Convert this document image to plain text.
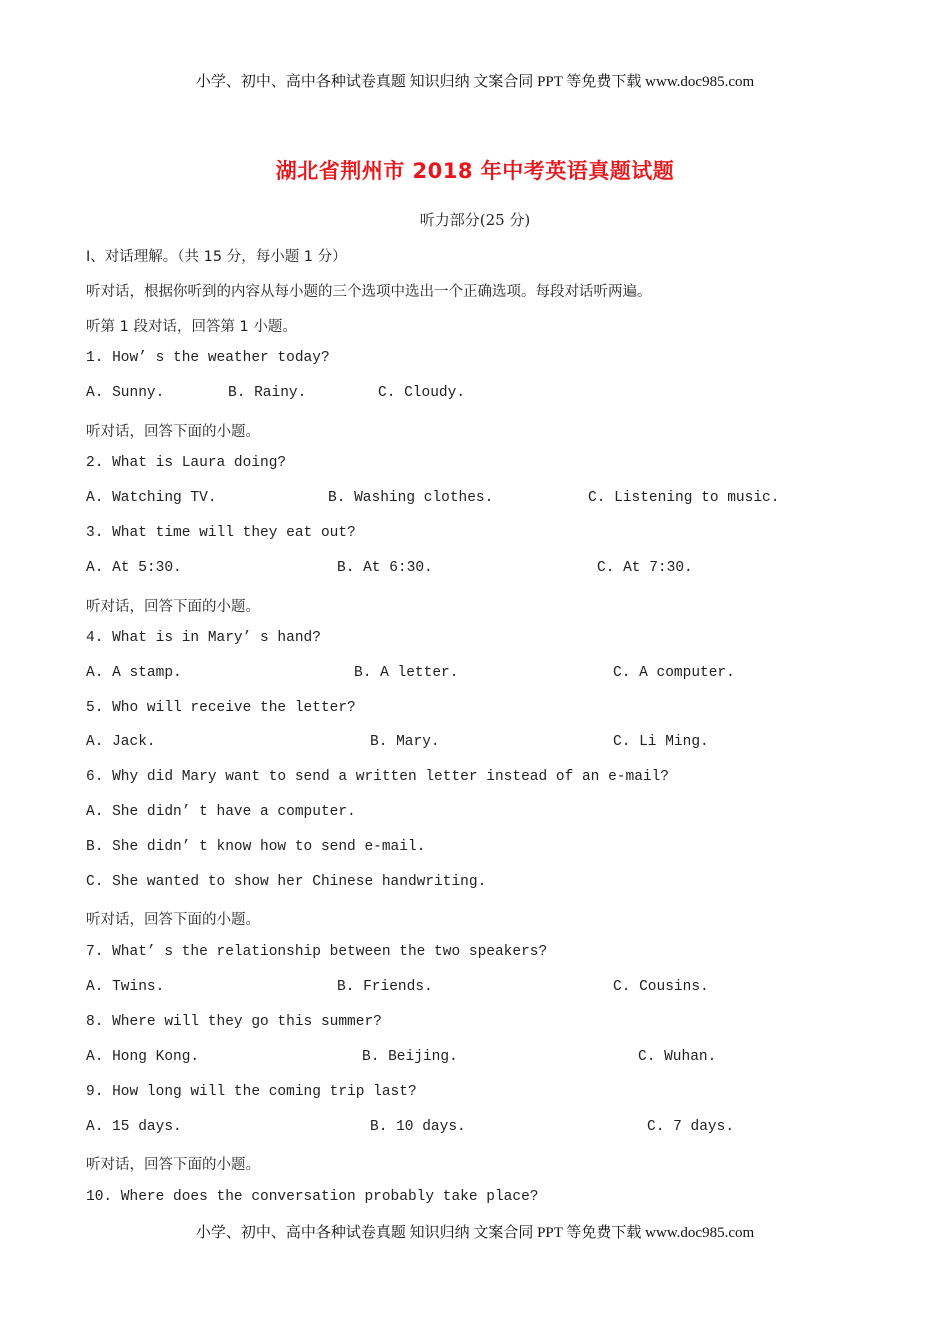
小学、初中、高中各种试卷真题 知识归纳 文案合同 PPT 等免费下载 www.doc985.com
湖北省荆州市 2018 年中考英语真题试题
听力部分(25 分)
I、对话理解。（共 15 分，每小题 1 分）
听对话，根据你听到的内容从每小题的三个选项中选出一个正确选项。每段对话听两遍。
听第 1 段对话，回答第 1 小题。
1. How’ s the weather today?
A. Sunny.	B. Rainy.	C. Cloudy.
听对话，回答下面的小题。
2. What is Laura doing?
A. Watching TV.	B. Washing clothes.	C. Listening to music.
3. What time will they eat out?
A. At 5:30.	B. At 6:30.	C. At 7:30.
听对话，回答下面的小题。
4. What is in Mary’ s hand?
A. A stamp.	B. A letter.	C. A computer.
5. Who will receive the letter?
A. Jack.	B. Mary.	C. Li Ming.
6. Why did Mary want to send a written letter instead of an e-mail?
A. She didn’ t have a computer.
B. She didn’ t know how to send e-mail.
C. She wanted to show her Chinese handwriting.
听对话，回答下面的小题。
7. What’ s the relationship between the two speakers?
A. Twins.	B. Friends.	C. Cousins.
8. Where will they go this summer?
A. Hong Kong.	B. Beijing.	C. Wuhan.
9. How long will the coming trip last?
A. 15 days.	B. 10 days.	C. 7 days.
听对话，回答下面的小题。
10. Where does the conversation probably take place?
小学、初中、高中各种试卷真题 知识归纳 文案合同 PPT 等免费下载 www.doc985.com
